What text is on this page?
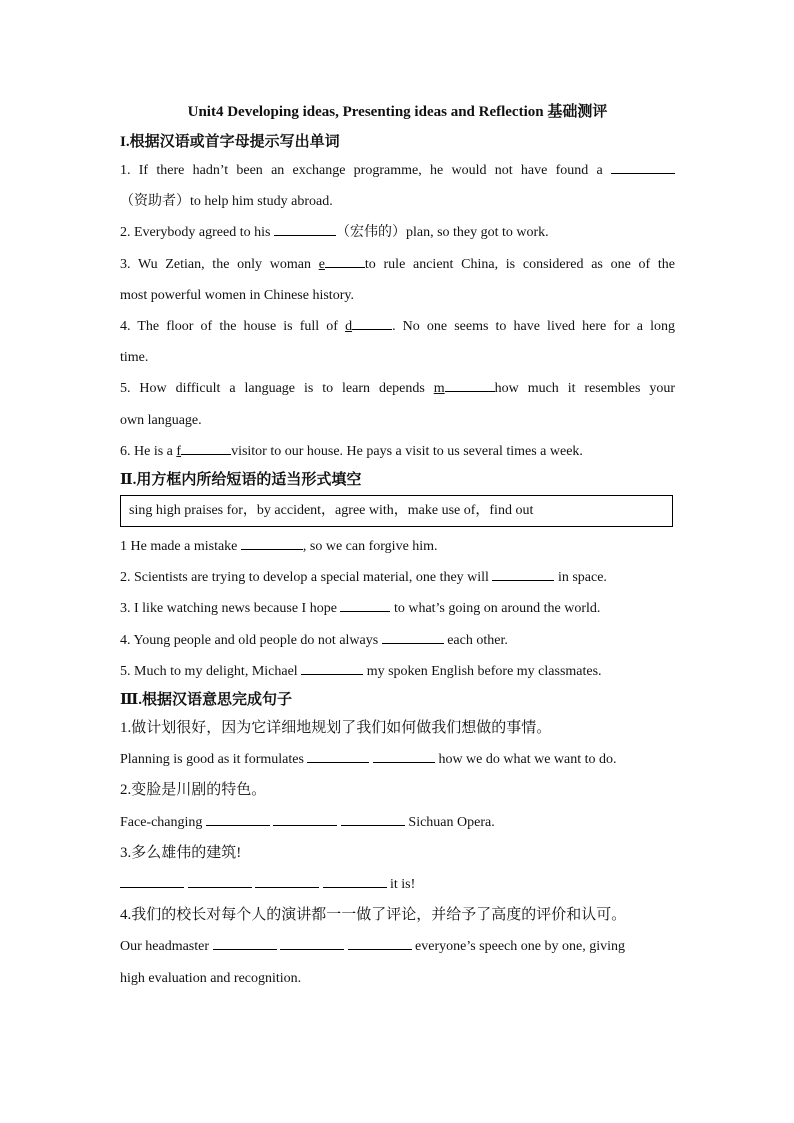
Unit4 Developing ideas, Presenting ideas and Reflection 基础测评
I.根据汉语或首字母提示写出单词
1. If there hadn’t been an exchange programme, he would not have found a
（资助者）to help him study abroad.
2. Everybody agreed to his	（宏伟的）plan, so they got to work.
3. Wu Zetian, the only woman e	to rule ancient China, is considered as one of the
most powerful women in Chinese history.
4. The floor of the house is full of d	. No one seems to have lived here for a long
time.
5. How difficult a language is to learn depends m	how much it resembles your
own language.
6. He is a f	visitor to our house. He pays a visit to us several times a week.
Ⅱ.用方框内所给短语的适当形式填空
sing high praises for，by accident，agree with，make use of，find out
1 He made a mistake	, so we can forgive him.
2. Scientists are trying to develop a special material, one they will	in space.
3. I like watching news because I hope	to what’s going on around the world.
4. Young people and old people do not always	each other.
5. Much to my delight, Michael	my spoken English before my classmates.
Ⅲ.根据汉语意思完成句子
1.做计划很好，因为它详细地规划了我们如何做我们想做的事情。
Planning is good as it formulates	how we do what we want to do.
2.变脸是川剧的特色。
Face-changing	Sichuan Opera.
3.多么雄伟的建筑!
it is!
4.我们的校长对每个人的演讲都一一做了评论，并给予了高度的评价和认可。
Our headmaster	everyone’s speech one by one, giving
high evaluation and recognition.
